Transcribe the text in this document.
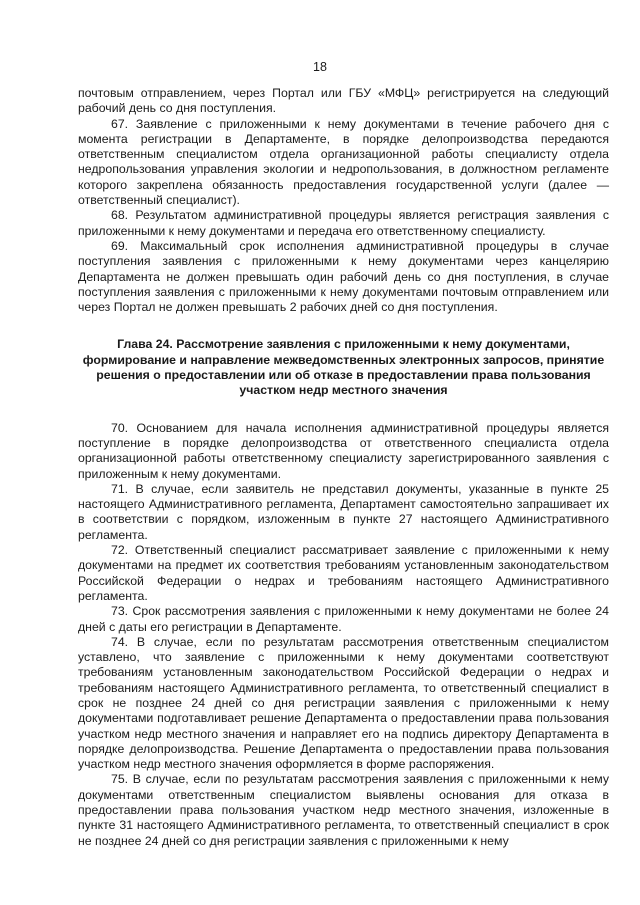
18

почтовым отправлением, через Портал или ГБУ «МФЦ» регистрируется на следующий рабочий день со дня поступления.

67. Заявление с приложенными к нему документами в течение рабочего дня с момента регистрации в Департаменте, в порядке делопроизводства передаются ответственным специалистом отдела организационной работы специалисту отдела недропользования управления экологии и недропользования, в должностном регламенте которого закреплена обязанность предоставления государственной услуги (далее — ответственный специалист).

68. Результатом административной процедуры является регистрация заявления с приложенными к нему документами и передача его ответственному специалисту.

69. Максимальный срок исполнения административной процедуры в случае поступления заявления с приложенными к нему документами через канцелярию Департамента не должен превышать один рабочий день со дня поступления, в случае поступления заявления с приложенными к нему документами почтовым отправлением или через Портал не должен превышать 2 рабочих дней со дня поступления.

Глава 24. Рассмотрение заявления с приложенными к нему документами, формирование и направление межведомственных электронных запросов, принятие решения о предоставлении или об отказе в предоставлении права пользования участком недр местного значения

70. Основанием для начала исполнения административной процедуры является поступление в порядке делопроизводства от ответственного специалиста отдела организационной работы ответственному специалисту зарегистрированного заявления с приложенным к нему документами.

71. В случае, если заявитель не представил документы, указанные в пункте 25 настоящего Административного регламента, Департамент самостоятельно запрашивает их в соответствии с порядком, изложенным в пункте 27 настоящего Административного регламента.

72. Ответственный специалист рассматривает заявление с приложенными к нему документами на предмет их соответствия требованиям установленным законодательством Российской Федерации о недрах и требованиям настоящего Административного регламента.

73. Срок рассмотрения заявления с приложенными к нему документами не более 24 дней с даты его регистрации в Департаменте.

74. В случае, если по результатам рассмотрения ответственным специалистом уставлено, что заявление с приложенными к нему документами соответствуют требованиям установленным законодательством Российской Федерации о недрах и требованиям настоящего Административного регламента, то ответственный специалист в срок не позднее 24 дней со дня регистрации заявления с приложенными к нему документами подготавливает решение Департамента о предоставлении права пользования участком недр местного значения и направляет его на подпись директору Департамента в порядке делопроизводства. Решение Департамента о предоставлении права пользования участком недр местного значения оформляется в форме распоряжения.

75. В случае, если по результатам рассмотрения заявления с приложенными к нему документами ответственным специалистом выявлены основания для отказа в предоставлении права пользования участком недр местного значения, изложенные в пункте 31 настоящего Административного регламента, то ответственный специалист в срок не позднее 24 дней со дня регистрации заявления с приложенными к нему
